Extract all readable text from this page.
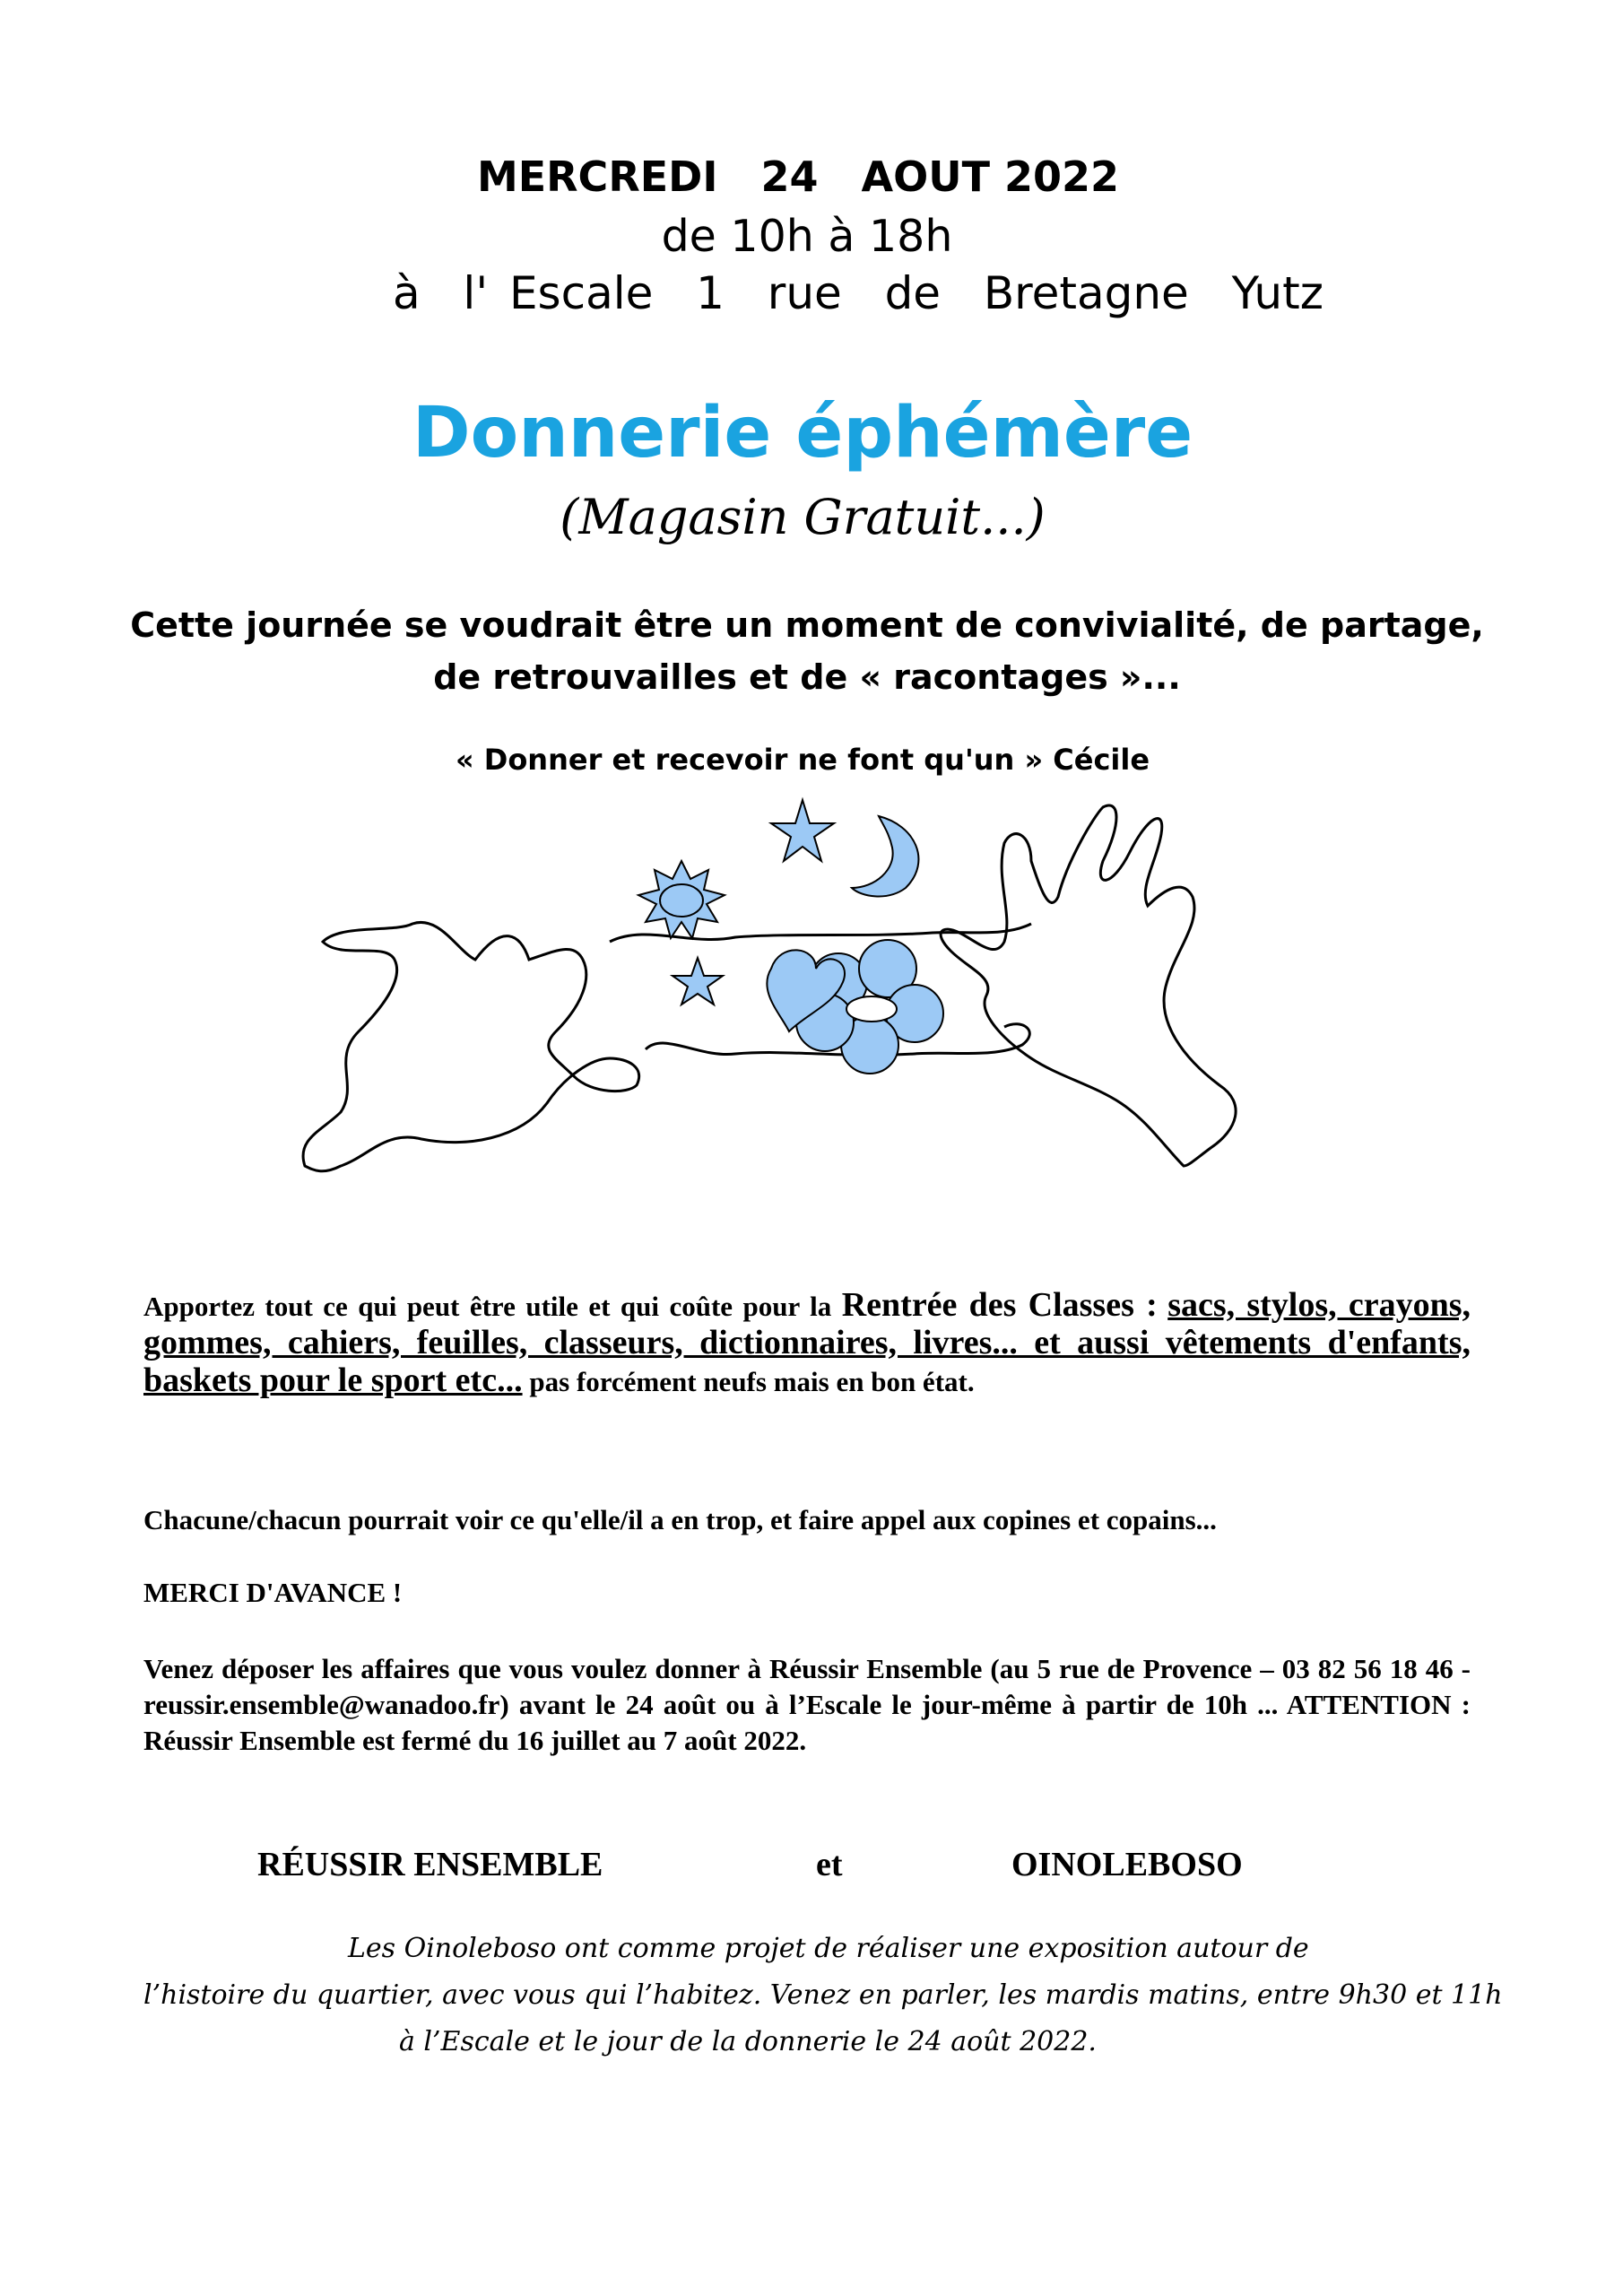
MERCREDI   24   AOUT 2022
de 10h à 18h
à  l' Escale  1  rue  de  Bretagne  Yutz
Donnerie éphémère
(Magasin Gratuit...)
Cette journée se voudrait être un moment de convivialité, de partage, de retrouvailles et de « racontages »...
« Donner et recevoir ne font qu'un » Cécile
Apportez tout ce qui peut être utile et qui coûte pour la Rentrée des Classes : sacs, stylos, crayons, gommes, cahiers, feuilles, classeurs, dictionnaires, livres... et aussi vêtements d'enfants, baskets pour le sport etc... pas forcément neufs mais en bon état.
Chacune/chacun pourrait voir ce qu'elle/il a en trop, et faire appel aux copines et copains...
MERCI D'AVANCE !
Venez déposer les affaires que vous voulez donner à Réussir Ensemble (au 5 rue de Provence – 03 82 56 18 46 - reussir.ensemble@wanadoo.fr) avant le 24 août ou à l’Escale le jour-même à partir de 10h ... ATTENTION : Réussir Ensemble est fermé du 16 juillet au 7 août 2022.
RÉUSSIR ENSEMBLE	et	OINOLEBOSO
Les Oinoleboso ont comme projet de réaliser une exposition autour de
l’histoire du quartier, avec vous qui l’habitez. Venez en parler, les mardis matins, entre 9h30 et 11h
à l’Escale et le jour de la donnerie le 24 août 2022.
